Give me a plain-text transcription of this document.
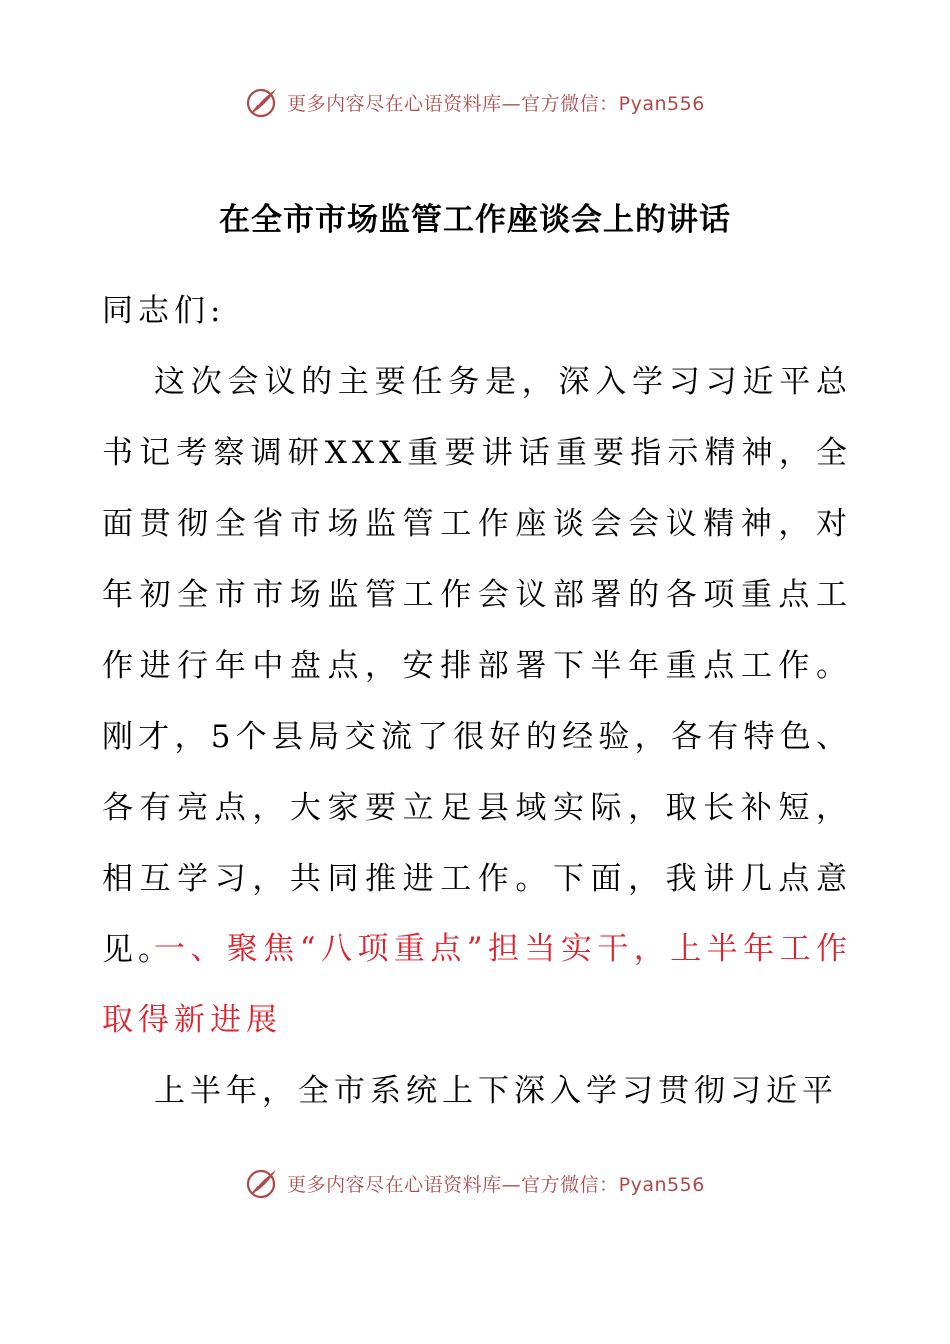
更多内容尽在心语资料库—官方微信：Pyan556
在全市市场监管工作座谈会上的讲话

同志们:

这次会议的主要任务是，深入学习习近平总书记考察调研XXX重要讲话重要指示精神，全面贯彻全省市场监管工作座谈会会议精神，对年初全市市场监管工作会议部署的各项重点工作进行年中盘点，安排部署下半年重点工作。刚才，5个县局交流了很好的经验，各有特色、各有亮点，大家要立足县域实际，取长补短，相互学习，共同推进工作。下面，我讲几点意见。

一、聚焦“八项重点”担当实干，上半年工作取得新进展

上半年，全市系统上下深入学习贯彻习近平

更多内容尽在心语资料库—官方微信：Pyan556
